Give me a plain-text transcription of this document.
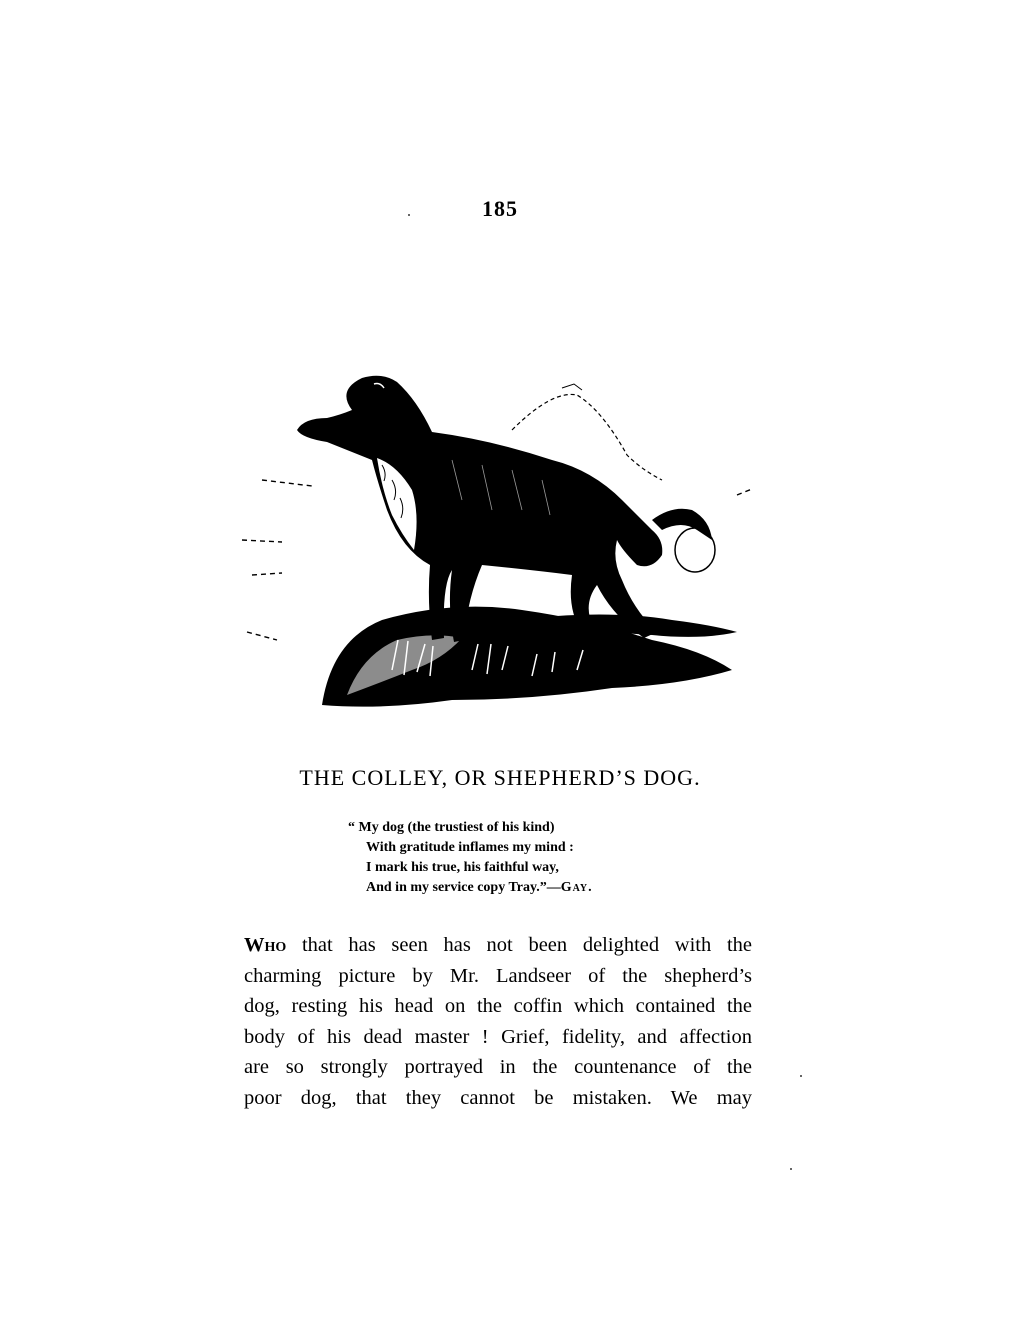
185
THE COLLEY, OR SHEPHERD’S DOG.
“ My dog (the trustiest of his kind)
With gratitude inflames my mind :
I mark his true, his faithful way,
And in my service copy Tray.”—Gay.
Who that has seen has not been delighted with the
charming picture by Mr. Landseer of the shepherd’s
dog, resting his head on the coffin which contained the
body of his dead master ! Grief, fidelity, and affection
are so strongly portrayed in the countenance of the
poor dog, that they cannot be mistaken. We may
